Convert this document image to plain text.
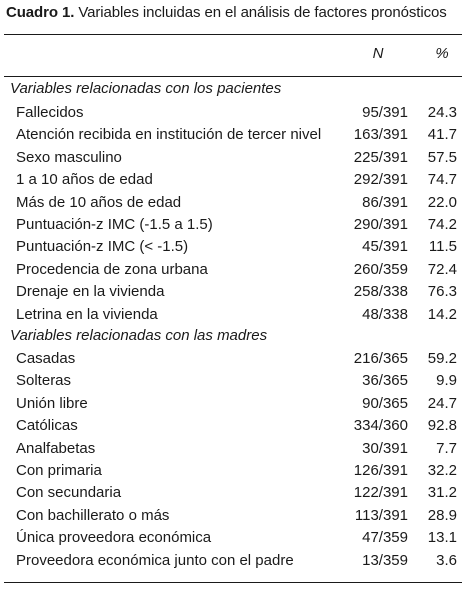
Cuadro 1. Variables incluidas en el análisis de factores pronósticos
N	%
Variables relacionadas con los pacientes
Fallecidos	95/391 24.3
Atención recibida en institución de tercer nivel 163/391 41.7
Sexo masculino	225/391 57.5
1 a 10 años de edad	292/391 74.7
Más de 10 años de edad	86/391 22.0
Puntuación-z IMC (-1.5 a 1.5)	290/391 74.2
Puntuación-z IMC (< -1.5)	45/391 11.5
Procedencia de zona urbana	260/359 72.4
Drenaje en la vivienda	258/338 76.3
Letrina en la vivienda	48/338 14.2
Variables relacionadas con las madres
Casadas	216/365 59.2
Solteras	36/365 9.9
Unión libre	90/365 24.7
Católicas	334/360 92.8
Analfabetas	30/391 7.7
Con primaria	126/391 32.2
Con secundaria	122/391 31.2
Con bachillerato o más	113/391 28.9
Única proveedora económica	47/359 13.1
Proveedora económica junto con el padre	13/359 3.6
